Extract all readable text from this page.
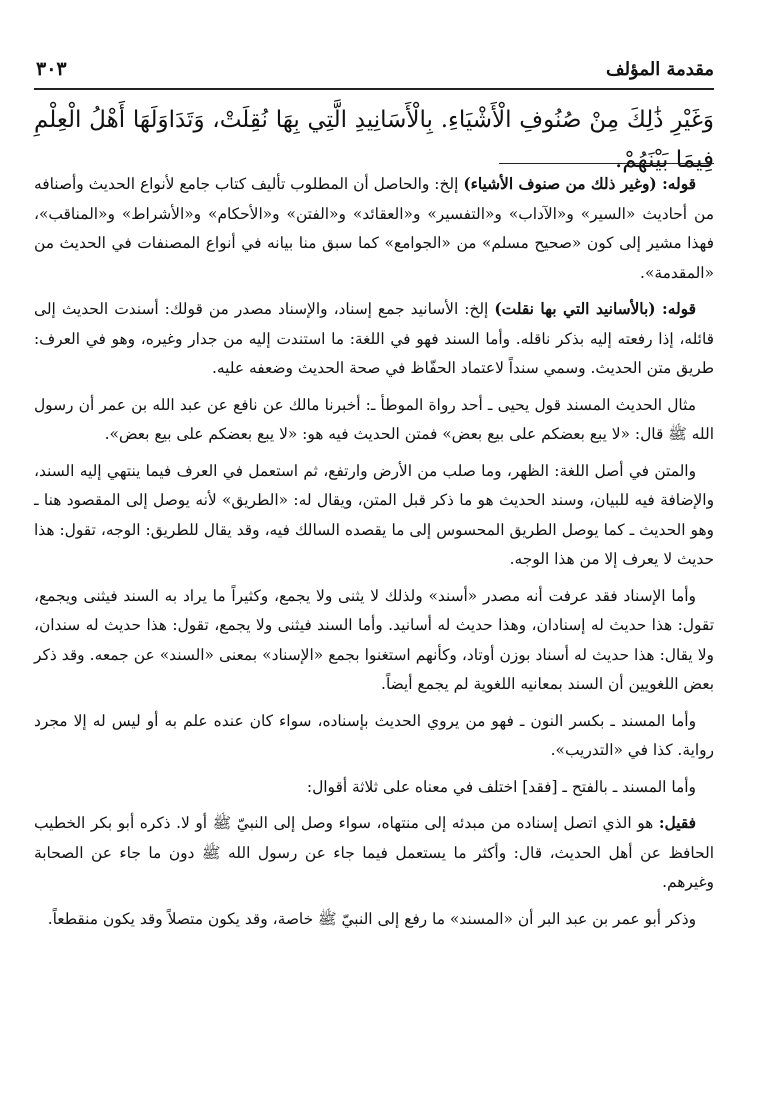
مقدمة المؤلف
٣٠٣
وَغَيْرِ ذَٰلِكَ مِنْ صُنُوفِ الْأَشْيَاءِ. بِالْأَسَانِيدِ الَّتِي بِهَا نُقِلَتْ، وَتَدَاوَلَهَا أَهْلُ الْعِلْمِ فِيمَا بَيْنَهُمْ.

قوله: (وغير ذلك من صنوف الأشياء) إلخ: والحاصل أن المطلوب تأليف كتاب جامع لأنواع الحديث وأصنافه من أحاديث «السير» و«الآداب» و«التفسير» و«العقائد» و«الفتن» و«الأحكام» و«الأشراط» و«المناقب»، فهذا مشير إلى كون «صحيح مسلم» من «الجوامع» كما سبق منا بيانه في أنواع المصنفات في الحديث من «المقدمة».

قوله: (بالأسانيد التي بها نقلت) إلخ: الأسانيد جمع إسناد، والإسناد مصدر من قولك: أسندت الحديث إلى قائله، إذا رفعته إليه بذكر ناقله. وأما السند فهو في اللغة: ما استندت إليه من جدار وغيره، وهو في العرف: طريق متن الحديث. وسمي سنداً لاعتماد الحفّاظ في صحة الحديث وضعفه عليه.

مثال الحديث المسند قول يحيى ـ أحد رواة الموطأ ـ: أخبرنا مالك عن نافع عن عبد الله بن عمر أن رسول الله ﷺ قال: «لا يبع بعضكم على بيع بعض» فمتن الحديث فيه هو: «لا يبع بعضكم على بيع بعض».

والمتن في أصل اللغة: الظهر، وما صلب من الأرض وارتفع، ثم استعمل في العرف فيما ينتهي إليه السند، والإضافة فيه للبيان، وسند الحديث هو ما ذكر قبل المتن، ويقال له: «الطريق» لأنه يوصل إلى المقصود هنا ـ وهو الحديث ـ كما يوصل الطريق المحسوس إلى ما يقصده السالك فيه، وقد يقال للطريق: الوجه، تقول: هذا حديث لا يعرف إلا من هذا الوجه.

وأما الإسناد فقد عرفت أنه مصدر «أسند» ولذلك لا يثنى ولا يجمع، وكثيراً ما يراد به السند فيثنى ويجمع، تقول: هذا حديث له إسنادان، وهذا حديث له أسانيد. وأما السند فيثنى ولا يجمع، تقول: هذا حديث له سندان، ولا يقال: هذا حديث له أسناد بوزن أوتاد، وكأنهم استغنوا بجمع «الإسناد» بمعنى «السند» عن جمعه. وقد ذكر بعض اللغويين أن السند بمعانيه اللغوية لم يجمع أيضاً.

وأما المسند ـ بكسر النون ـ فهو من يروي الحديث بإسناده، سواء كان عنده علم به أو ليس له إلا مجرد رواية. كذا في «التدريب».

وأما المسند ـ بالفتح ـ [فقد] اختلف في معناه على ثلاثة أقوال:

فقيل: هو الذي اتصل إسناده من مبدئه إلى منتهاه، سواء وصل إلى النبيّ ﷺ أو لا. ذكره أبو بكر الخطيب الحافظ عن أهل الحديث، قال: وأكثر ما يستعمل فيما جاء عن رسول الله ﷺ دون ما جاء عن الصحابة وغيرهم.

وذكر أبو عمر بن عبد البر أن «المسند» ما رفع إلى النبيّ ﷺ خاصة، وقد يكون متصلاً وقد يكون منقطعاً.
